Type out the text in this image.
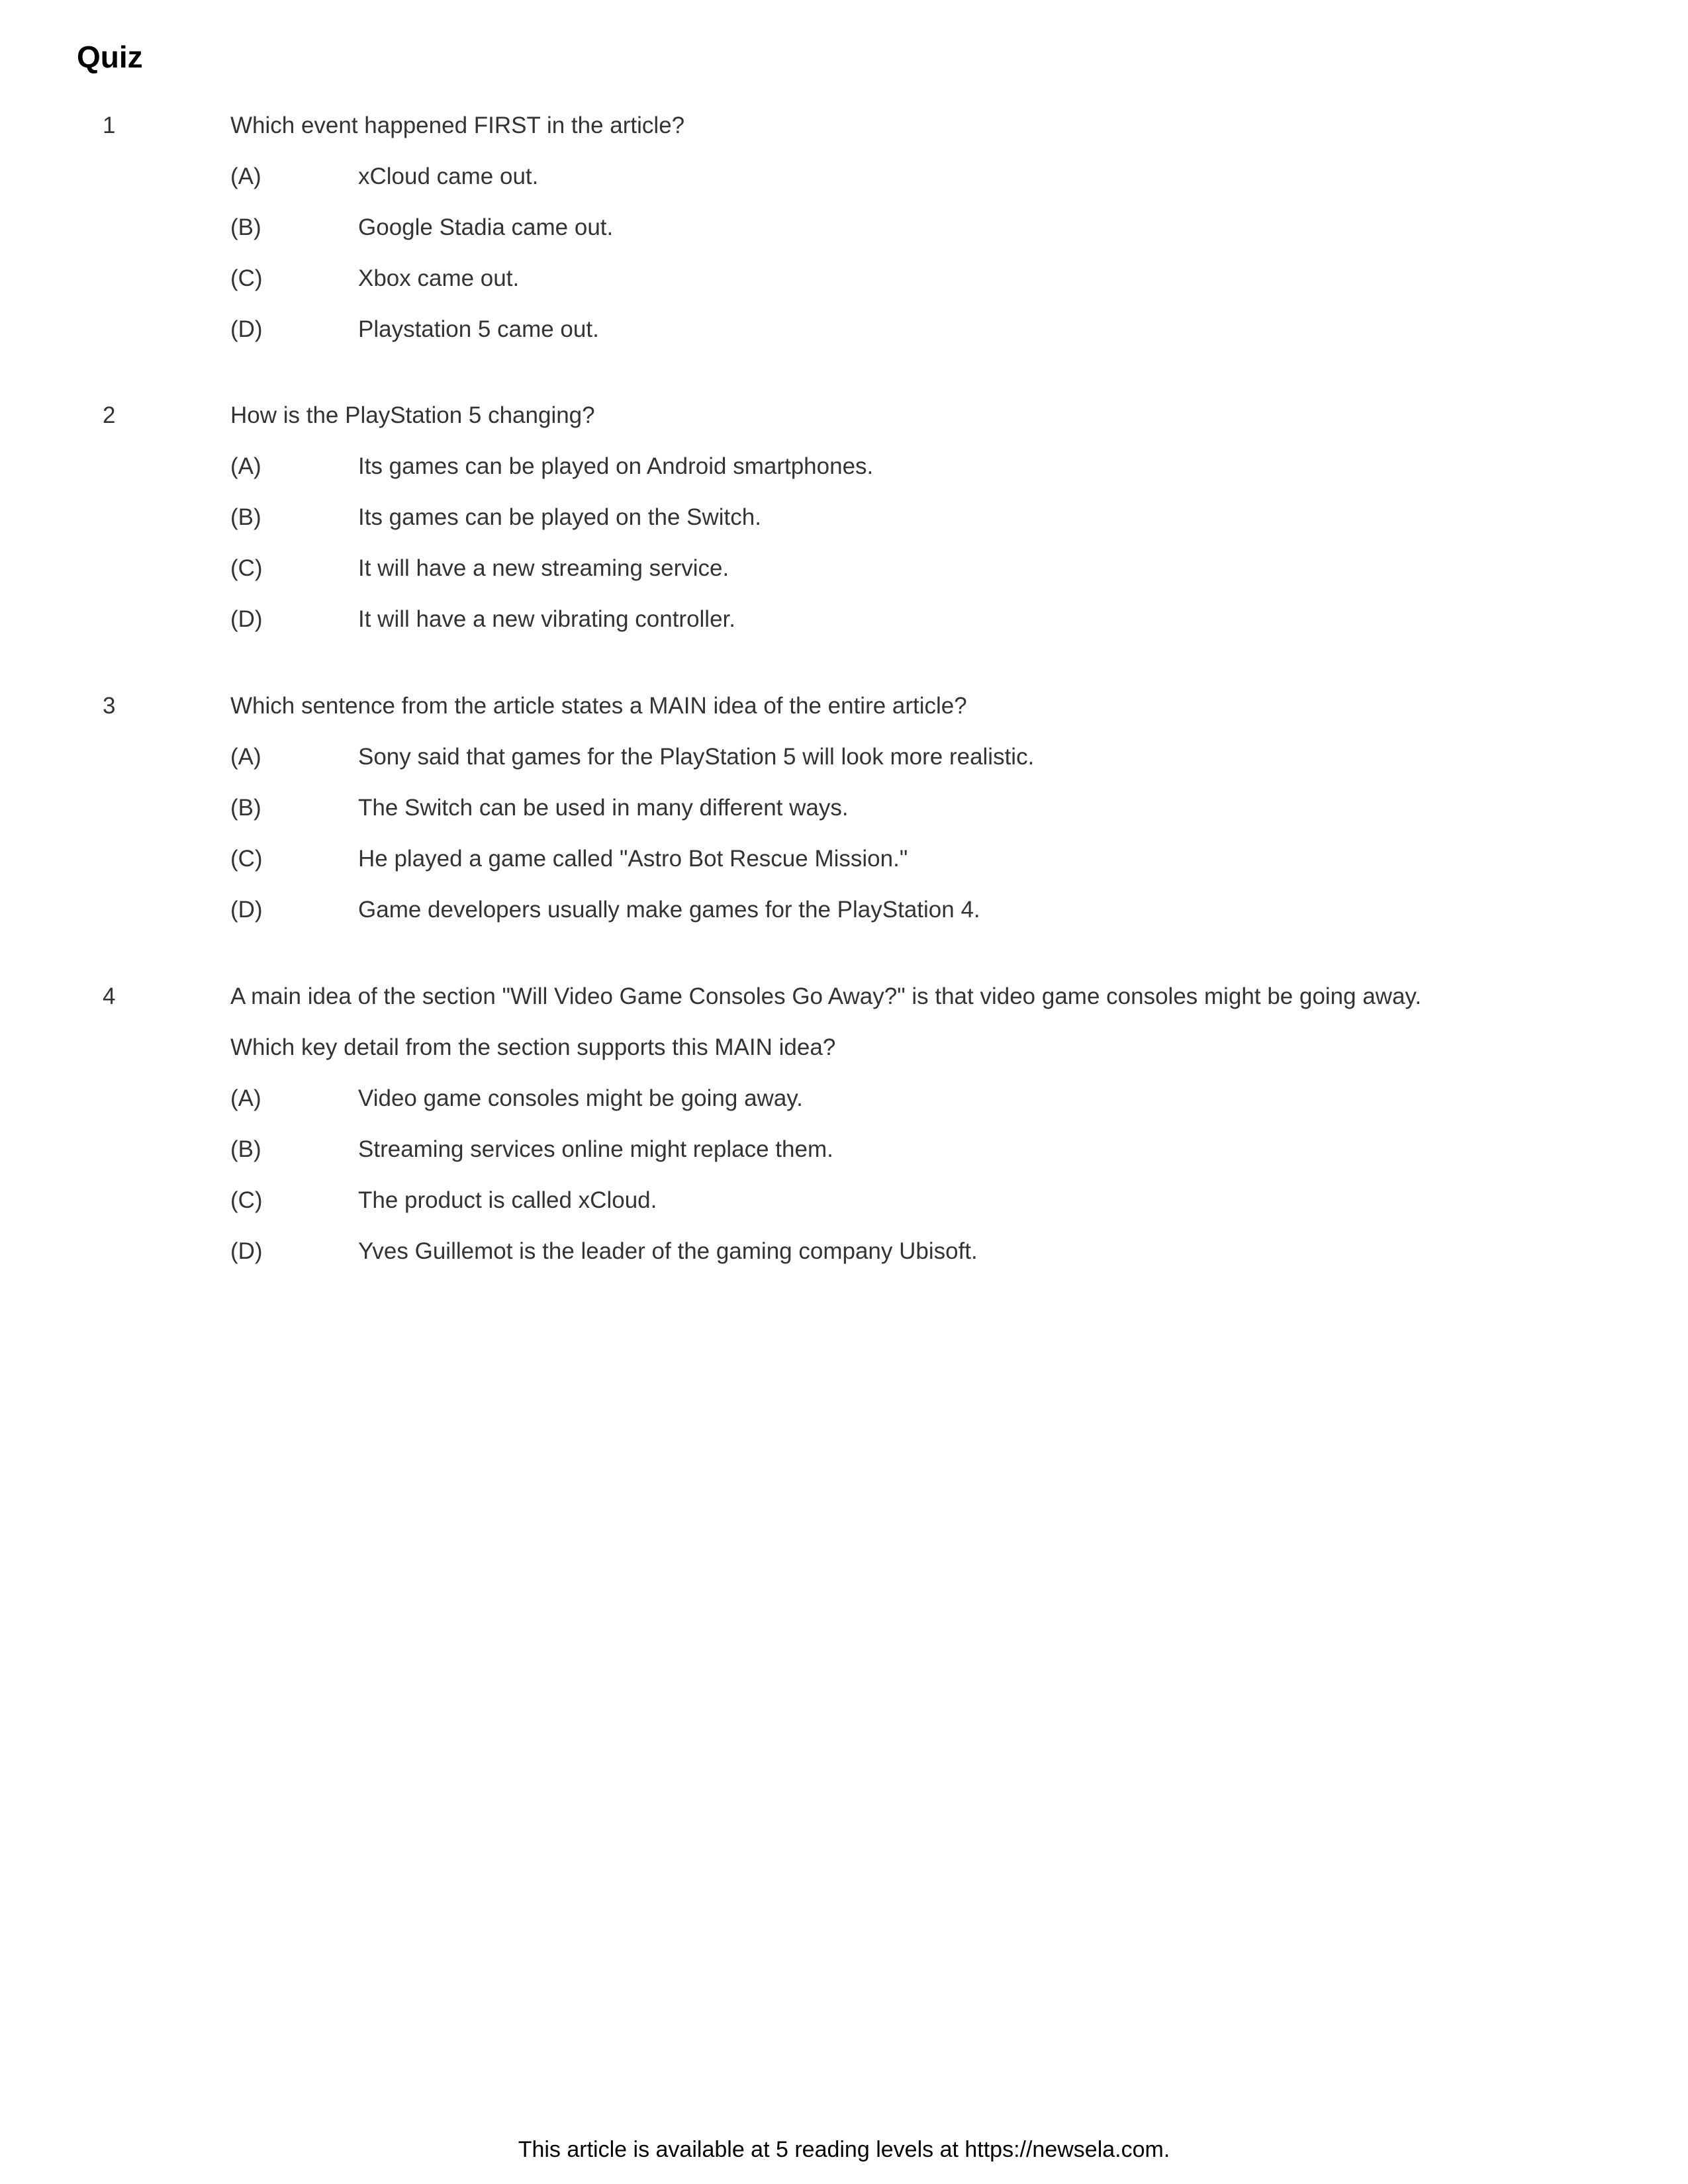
Quiz
1	Which event happened FIRST in the article?
(A)	xCloud came out.
(B)	Google Stadia came out.
(C)	Xbox came out.
(D)	Playstation 5 came out.
2	How is the PlayStation 5 changing?
(A)	Its games can be played on Android smartphones.
(B)	Its games can be played on the Switch.
(C)	It will have a new streaming service.
(D)	It will have a new vibrating controller.
3	Which sentence from the article states a MAIN idea of the entire article?
(A)	Sony said that games for the PlayStation 5 will look more realistic.
(B)	The Switch can be used in many different ways.
(C)	He played a game called "Astro Bot Rescue Mission."
(D)	Game developers usually make games for the PlayStation 4.
4	A main idea of the section "Will Video Game Consoles Go Away?" is that video game consoles might be going away.
Which key detail from the section supports this MAIN idea?
(A)	Video game consoles might be going away.
(B)	Streaming services online might replace them.
(C)	The product is called xCloud.
(D)	Yves Guillemot is the leader of the gaming company Ubisoft.
This article is available at 5 reading levels at https://newsela.com.
